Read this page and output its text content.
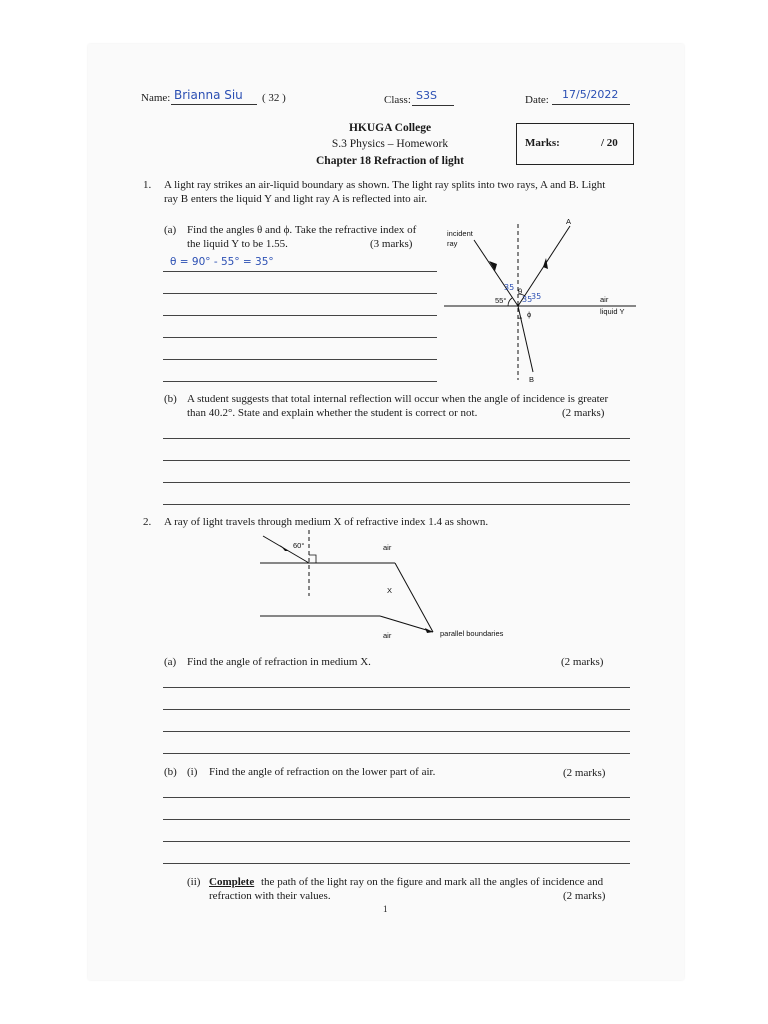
Name: Brianna Siu ( 32 )	Class: S3S	Date: 17/5/2022
HKUGA College
S.3 Physics – Homework
Chapter 18 Refraction of light
Marks:	/ 20
1. A light ray strikes an air-liquid boundary as shown. The light ray splits into two rays, A and B. Light
ray B enters the liquid Y and light ray A is reflected into air.
(a) Find the angles θ and ϕ. Take the refractive index of
the liquid Y to be 1.55.	(3 marks)
θ = 90° - 55° = 35°
incident
ray
A
B
55°
θ
ϕ
air
liquid Y
35
35
35
(b) A student suggests that total internal reflection will occur when the angle of incidence is greater
than 40.2°. State and explain whether the student is correct or not.	(2 marks)
2. A ray of light travels through medium X of refractive index 1.4 as shown.
60°	air
X
air	parallel boundaries
(a) Find the angle of refraction in medium X.	(2 marks)
(b) (i) Find the angle of refraction on the lower part of air.	(2 marks)
(ii) Complete the path of the light ray on the figure and mark all the angles of incidence and
refraction with their values.	(2 marks)
1
